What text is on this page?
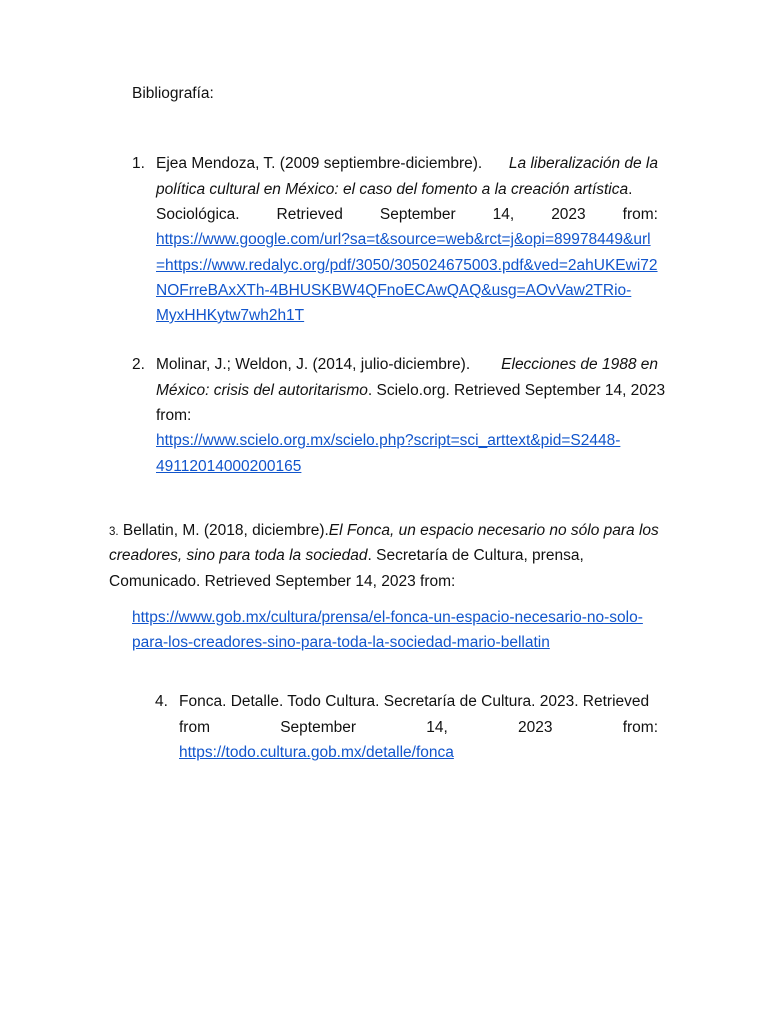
Bibliografía:
1. Ejea Mendoza, T. (2009 septiembre-diciembre). La liberalización de la
política cultural en México: el caso del fomento a la creación artística.
Sociológica. Retrieved September 14, 2023 from:
https://www.google.com/url?sa=t&source=web&rct=j&opi=89978449&url
=https://www.redalyc.org/pdf/3050/305024675003.pdf&ved=2ahUKEwi72
NOFrreBAxXTh-4BHUSKBW4QFnoECAwQAQ&usg=AOvVaw2TRio-
MyxHHKytw7wh2h1T
2. Molinar, J.; Weldon, J. (2014, julio-diciembre). Elecciones de 1988 en
México: crisis del autoritarismo. Scielo.org. Retrieved September 14, 2023
from:
https://www.scielo.org.mx/scielo.php?script=sci_arttext&pid=S2448-
49112014000200165
3. Bellatin, M. (2018, diciembre). El Fonca, un espacio necesario no sólo para los
creadores, sino para toda la sociedad. Secretaría de Cultura, prensa,
Comunicado. Retrieved September 14, 2023 from:
https://www.gob.mx/cultura/prensa/el-fonca-un-espacio-necesario-no-solo-
para-los-creadores-sino-para-toda-la-sociedad-mario-bellatin
4. Fonca. Detalle. Todo Cultura. Secretaría de Cultura. 2023. Retrieved
from	September	14,	2023	from:
https://todo.cultura.gob.mx/detalle/fonca
